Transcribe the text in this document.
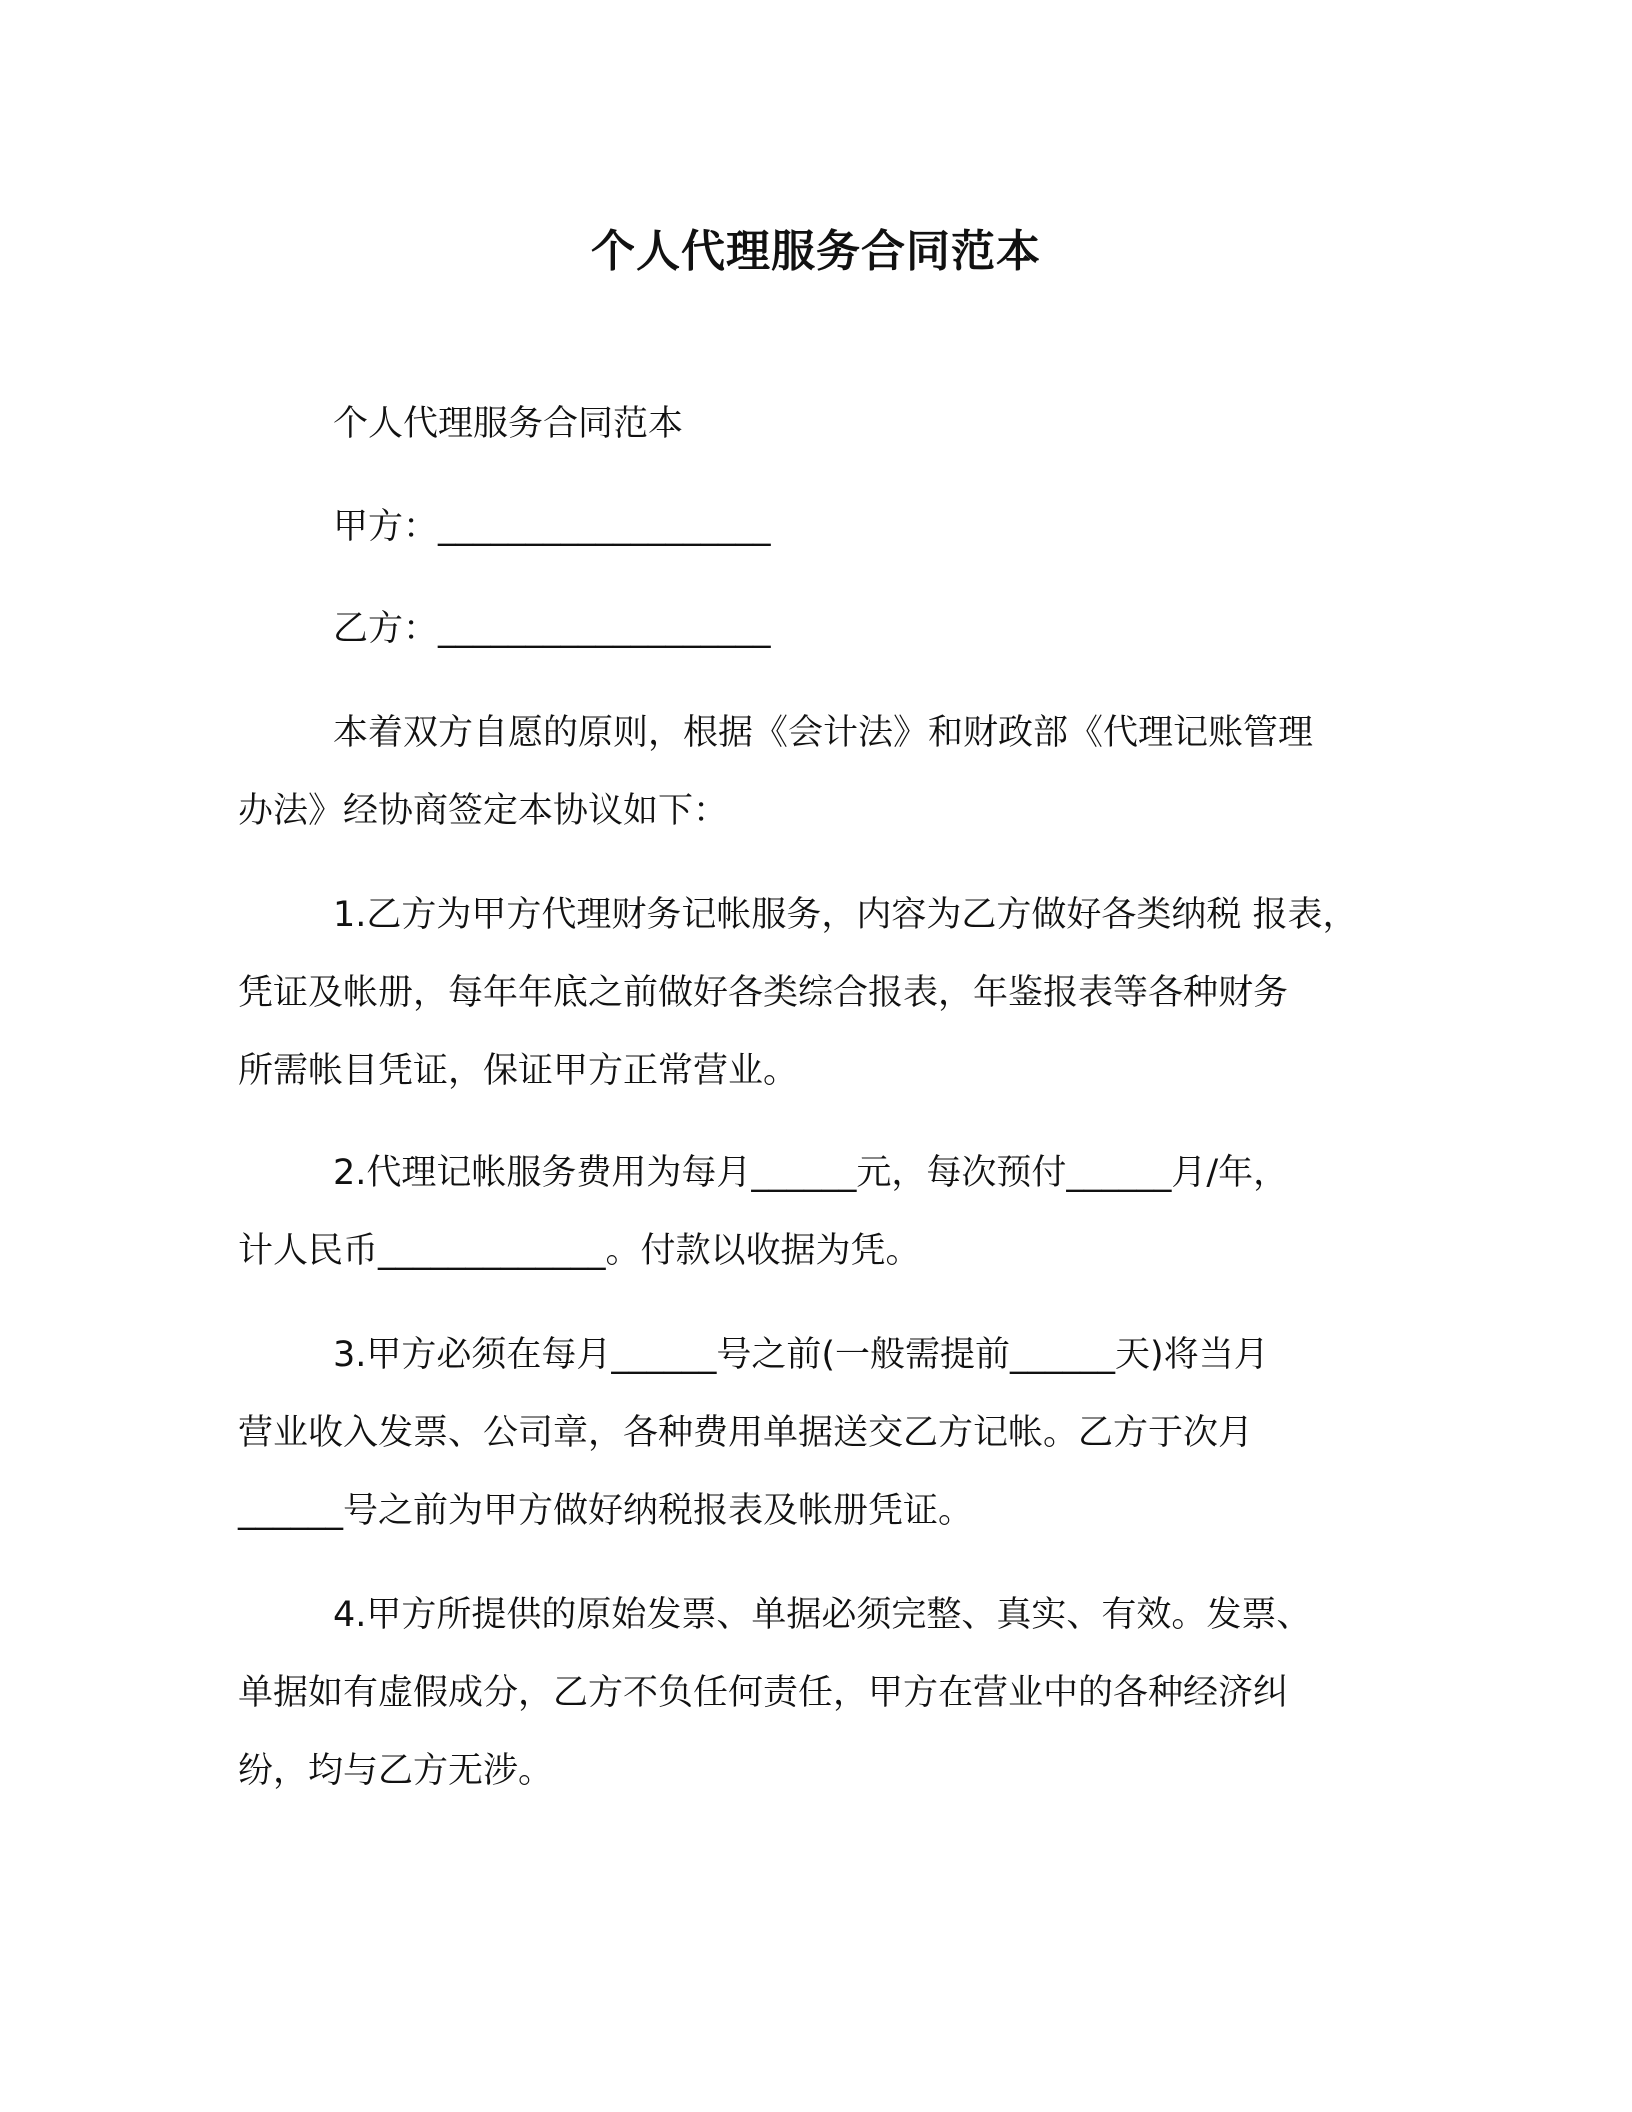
个人代理服务合同范本
个人代理服务合同范本
甲方：___________________
乙方：___________________
本着双方自愿的原则，根据《会计法》和财政部《代理记账管理
办法》经协商签定本协议如下：
1.乙方为甲方代理财务记帐服务，内容为乙方做好各类纳税 报表，
凭证及帐册，每年年底之前做好各类综合报表，年鉴报表等各种财务
所需帐目凭证，保证甲方正常营业。
2.代理记帐服务费用为每月______元，每次预付______月/年，
计人民币_____________。付款以收据为凭。
3.甲方必须在每月______号之前(一般需提前______天)将当月
营业收入发票、公司章，各种费用单据送交乙方记帐。乙方于次月
______号之前为甲方做好纳税报表及帐册凭证。
4.甲方所提供的原始发票、单据必须完整、真实、有效。发票、
单据如有虚假成分，乙方不负任何责任，甲方在营业中的各种经济纠
纷，均与乙方无涉。
